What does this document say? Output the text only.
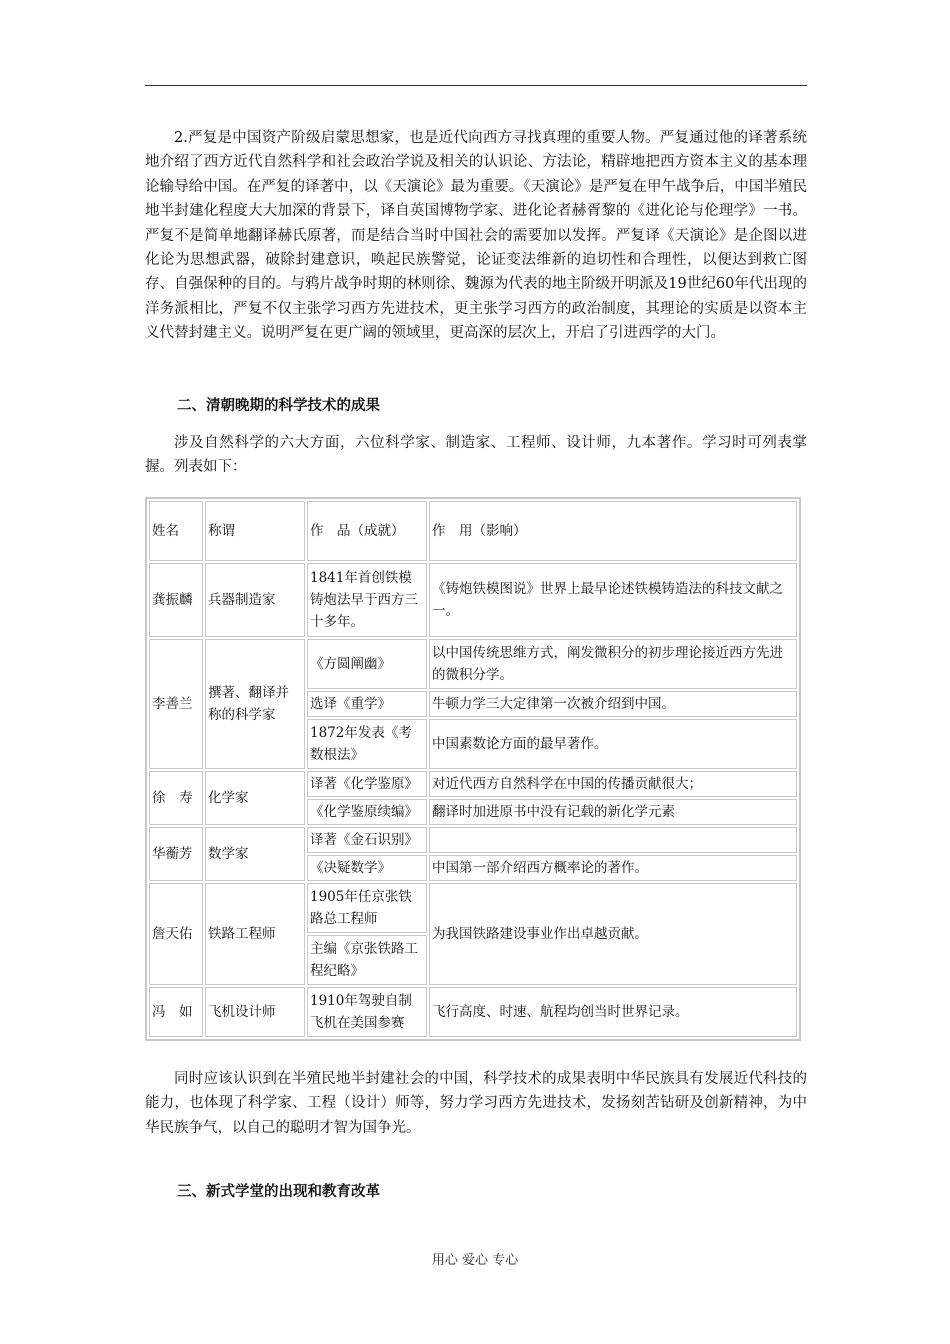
2.严复是中国资产阶级启蒙思想家，也是近代向西方寻找真理的重要人物。严复通过他的译著系统地介绍了西方近代自然科学和社会政治学说及相关的认识论、方法论，精辟地把西方资本主义的基本理论输导给中国。在严复的译著中，以《天演论》最为重要。《天演论》是严复在甲午战争后，中国半殖民地半封建化程度大大加深的背景下，译自英国博物学家、进化论者赫胥黎的《进化论与伦理学》一书。严复不是简单地翻译赫氏原著，而是结合当时中国社会的需要加以发挥。严复译《天演论》是企图以进化论为思想武器，破除封建意识，唤起民族警觉，论证变法维新的迫切性和合理性，以便达到救亡图存、自强保种的目的。与鸦片战争时期的林则徐、魏源为代表的地主阶级开明派及19世纪60年代出现的洋务派相比，严复不仅主张学习西方先进技术，更主张学习西方的政治制度，其理论的实质是以资本主义代替封建主义。说明严复在更广阔的领域里，更高深的层次上，开启了引进西学的大门。

二、清朝晚期的科学技术的成果

涉及自然科学的六大方面，六位科学家、制造家、工程师、设计师，九本著作。学习时可列表掌握。列表如下：

姓名	称谓	作　品（成就）	作　用（影响）
龚振麟	兵器制造家	1841年首创铁模铸炮法早于西方三十多年。	《铸炮铁模图说》世界上最早论述铁模铸造法的科技文献之一。
李善兰	撰著、翻译并称的科学家	《方圆阐幽》	以中国传统思维方式，阐发微积分的初步理论接近西方先进的微积分学。
		选译《重学》	牛顿力学三大定律第一次被介绍到中国。
		1872年发表《考数根法》	中国素数论方面的最早著作。
徐　寿	化学家	译著《化学鉴原》	对近代西方自然科学在中国的传播贡献很大；
		《化学鉴原续编》	翻译时加进原书中没有记载的新化学元素
华蘅芳	数学家	译著《金石识别》	
		《决疑数学》	中国第一部介绍西方概率论的著作。
詹天佑	铁路工程师	1905年任京张铁路总工程师	为我国铁路建设事业作出卓越贡献。
		主编《京张铁路工程纪略》	
冯　如	飞机设计师	1910年驾驶自制飞机在美国参赛	飞行高度、时速、航程均创当时世界记录。

同时应该认识到在半殖民地半封建社会的中国，科学技术的成果表明中华民族具有发展近代科技的能力，也体现了科学家、工程（设计）师等，努力学习西方先进技术，发扬刻苦钻研及创新精神，为中华民族争气，以自己的聪明才智为国争光。

三、新式学堂的出现和教育改革

用心 爱心 专心
